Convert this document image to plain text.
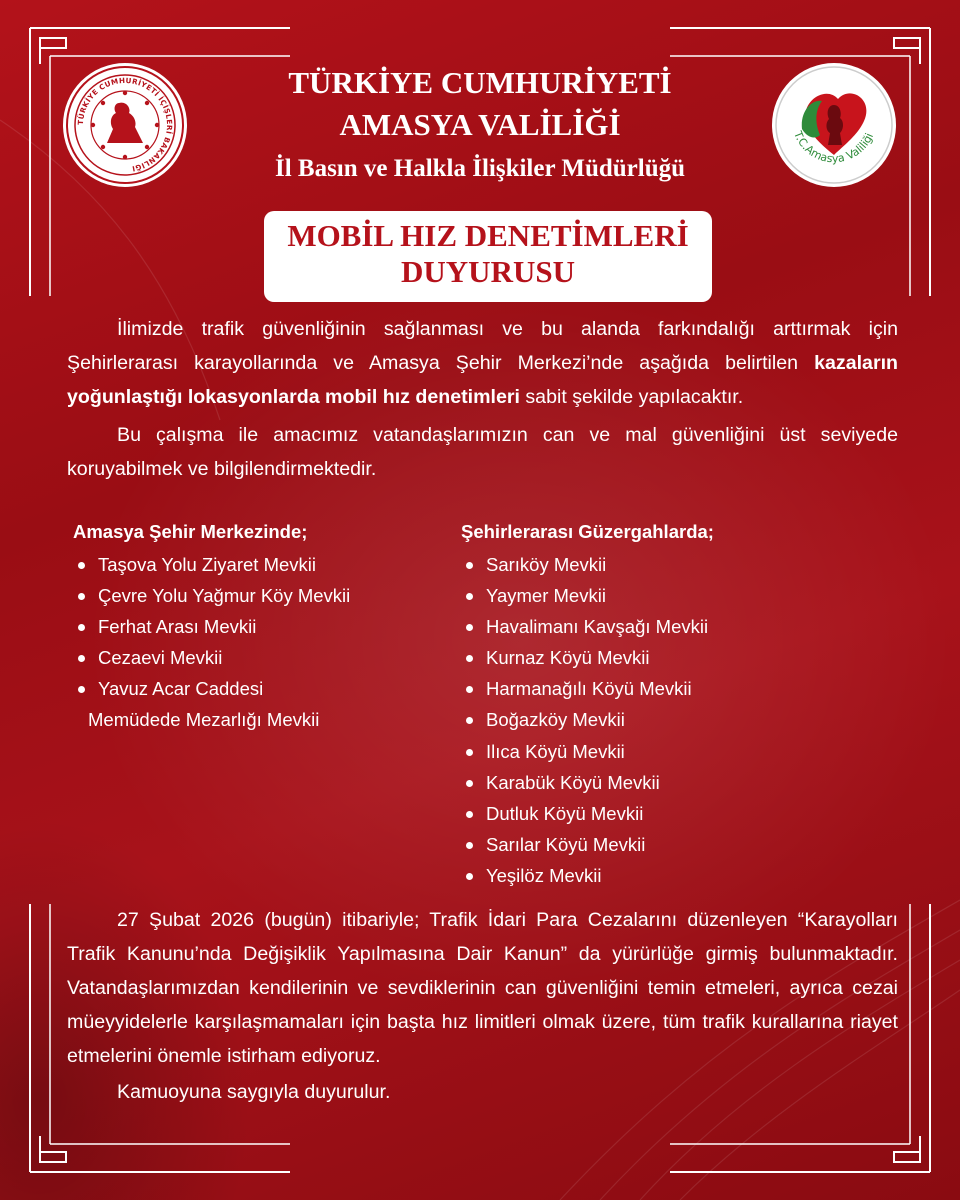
TÜRKİYE CUMHURİYETİ İÇİŞLERİ BAKANLIĞI
T.C.Amasya Valiliği
TÜRKİYE CUMHURİYETİ
AMASYA VALİLİĞİ
İl Basın ve Halkla İlişkiler Müdürlüğü
MOBİL HIZ DENETİMLERİ
DUYURUSU

İlimizde trafik güvenliğinin sağlanması ve bu alanda farkındalığı arttırmak için Şehirlerarası karayollarında ve Amasya Şehir Merkezi’nde aşağıda belirtilen kazaların yoğunlaştığı lokasyonlarda mobil hız denetimleri sabit şekilde yapılacaktır.

Bu çalışma ile amacımız vatandaşlarımızın can ve mal güvenliğini üst seviyede koruyabilmek ve bilgilendirmektedir.

Amasya Şehir Merkezinde;
Taşova Yolu Ziyaret Mevkii
Çevre Yolu Yağmur Köy Mevkii
Ferhat Arası Mevkii
Cezaevi Mevkii
Yavuz Acar Caddesi
Memüdede Mezarlığı Mevkii
Şehirlerarası Güzergahlarda;
Sarıköy Mevkii
Yaymer Mevkii
Havalimanı Kavşağı Mevkii
Kurnaz Köyü Mevkii
Harmanağılı Köyü Mevkii
Boğazköy Mevkii
Ilıca Köyü Mevkii
Karabük Köyü Mevkii
Dutluk Köyü Mevkii
Sarılar Köyü Mevkii
Yeşilöz Mevkii

27 Şubat 2026 (bugün) itibariyle; Trafik İdari Para Cezalarını düzenleyen “Karayolları Trafik Kanunu’nda Değişiklik Yapılmasına Dair Kanun” da yürürlüğe girmiş bulunmaktadır. Vatandaşlarımızdan kendilerinin ve sevdiklerinin can güvenliğini temin etmeleri, ayrıca cezai müeyyidelerle karşılaşmamaları için başta hız limitleri olmak üzere, tüm trafik kurallarına riayet etmelerini önemle istirham ediyoruz.

Kamuoyuna saygıyla duyurulur.
